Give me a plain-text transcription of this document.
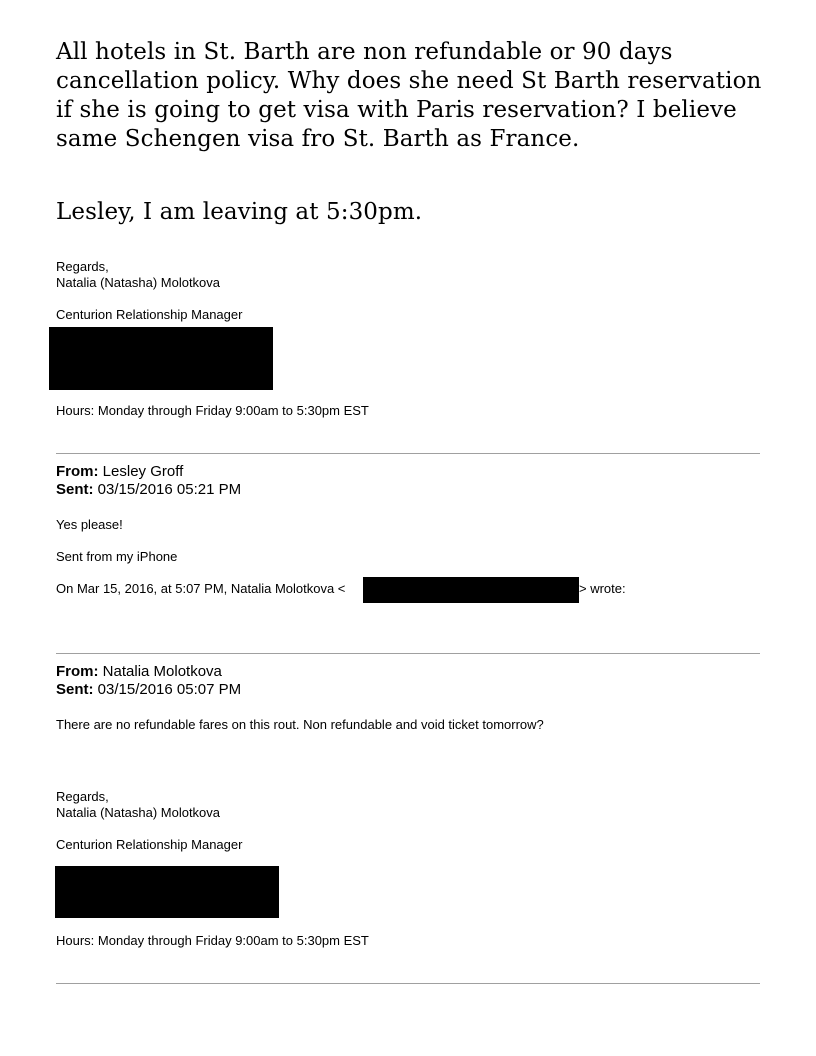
All hotels in St. Barth are non refundable or 90 days
cancellation policy. Why does she need St Barth reservation
if she is going to get visa with Paris reservation? I believe
same Schengen visa fro St. Barth as France.
Lesley, I am leaving at 5:30pm.
Regards,
Natalia (Natasha) Molotkova
Centurion Relationship Manager
Hours: Monday through Friday 9:00am to 5:30pm EST
From: Lesley Groff
Sent: 03/15/2016 05:21 PM
Yes please!
Sent from my iPhone
On Mar 15, 2016, at 5:07 PM, Natalia Molotkova <	> wrote:
From: Natalia Molotkova
Sent: 03/15/2016 05:07 PM
There are no refundable fares on this rout. Non refundable and void ticket tomorrow?
Regards,
Natalia (Natasha) Molotkova
Centurion Relationship Manager
Hours: Monday through Friday 9:00am to 5:30pm EST
